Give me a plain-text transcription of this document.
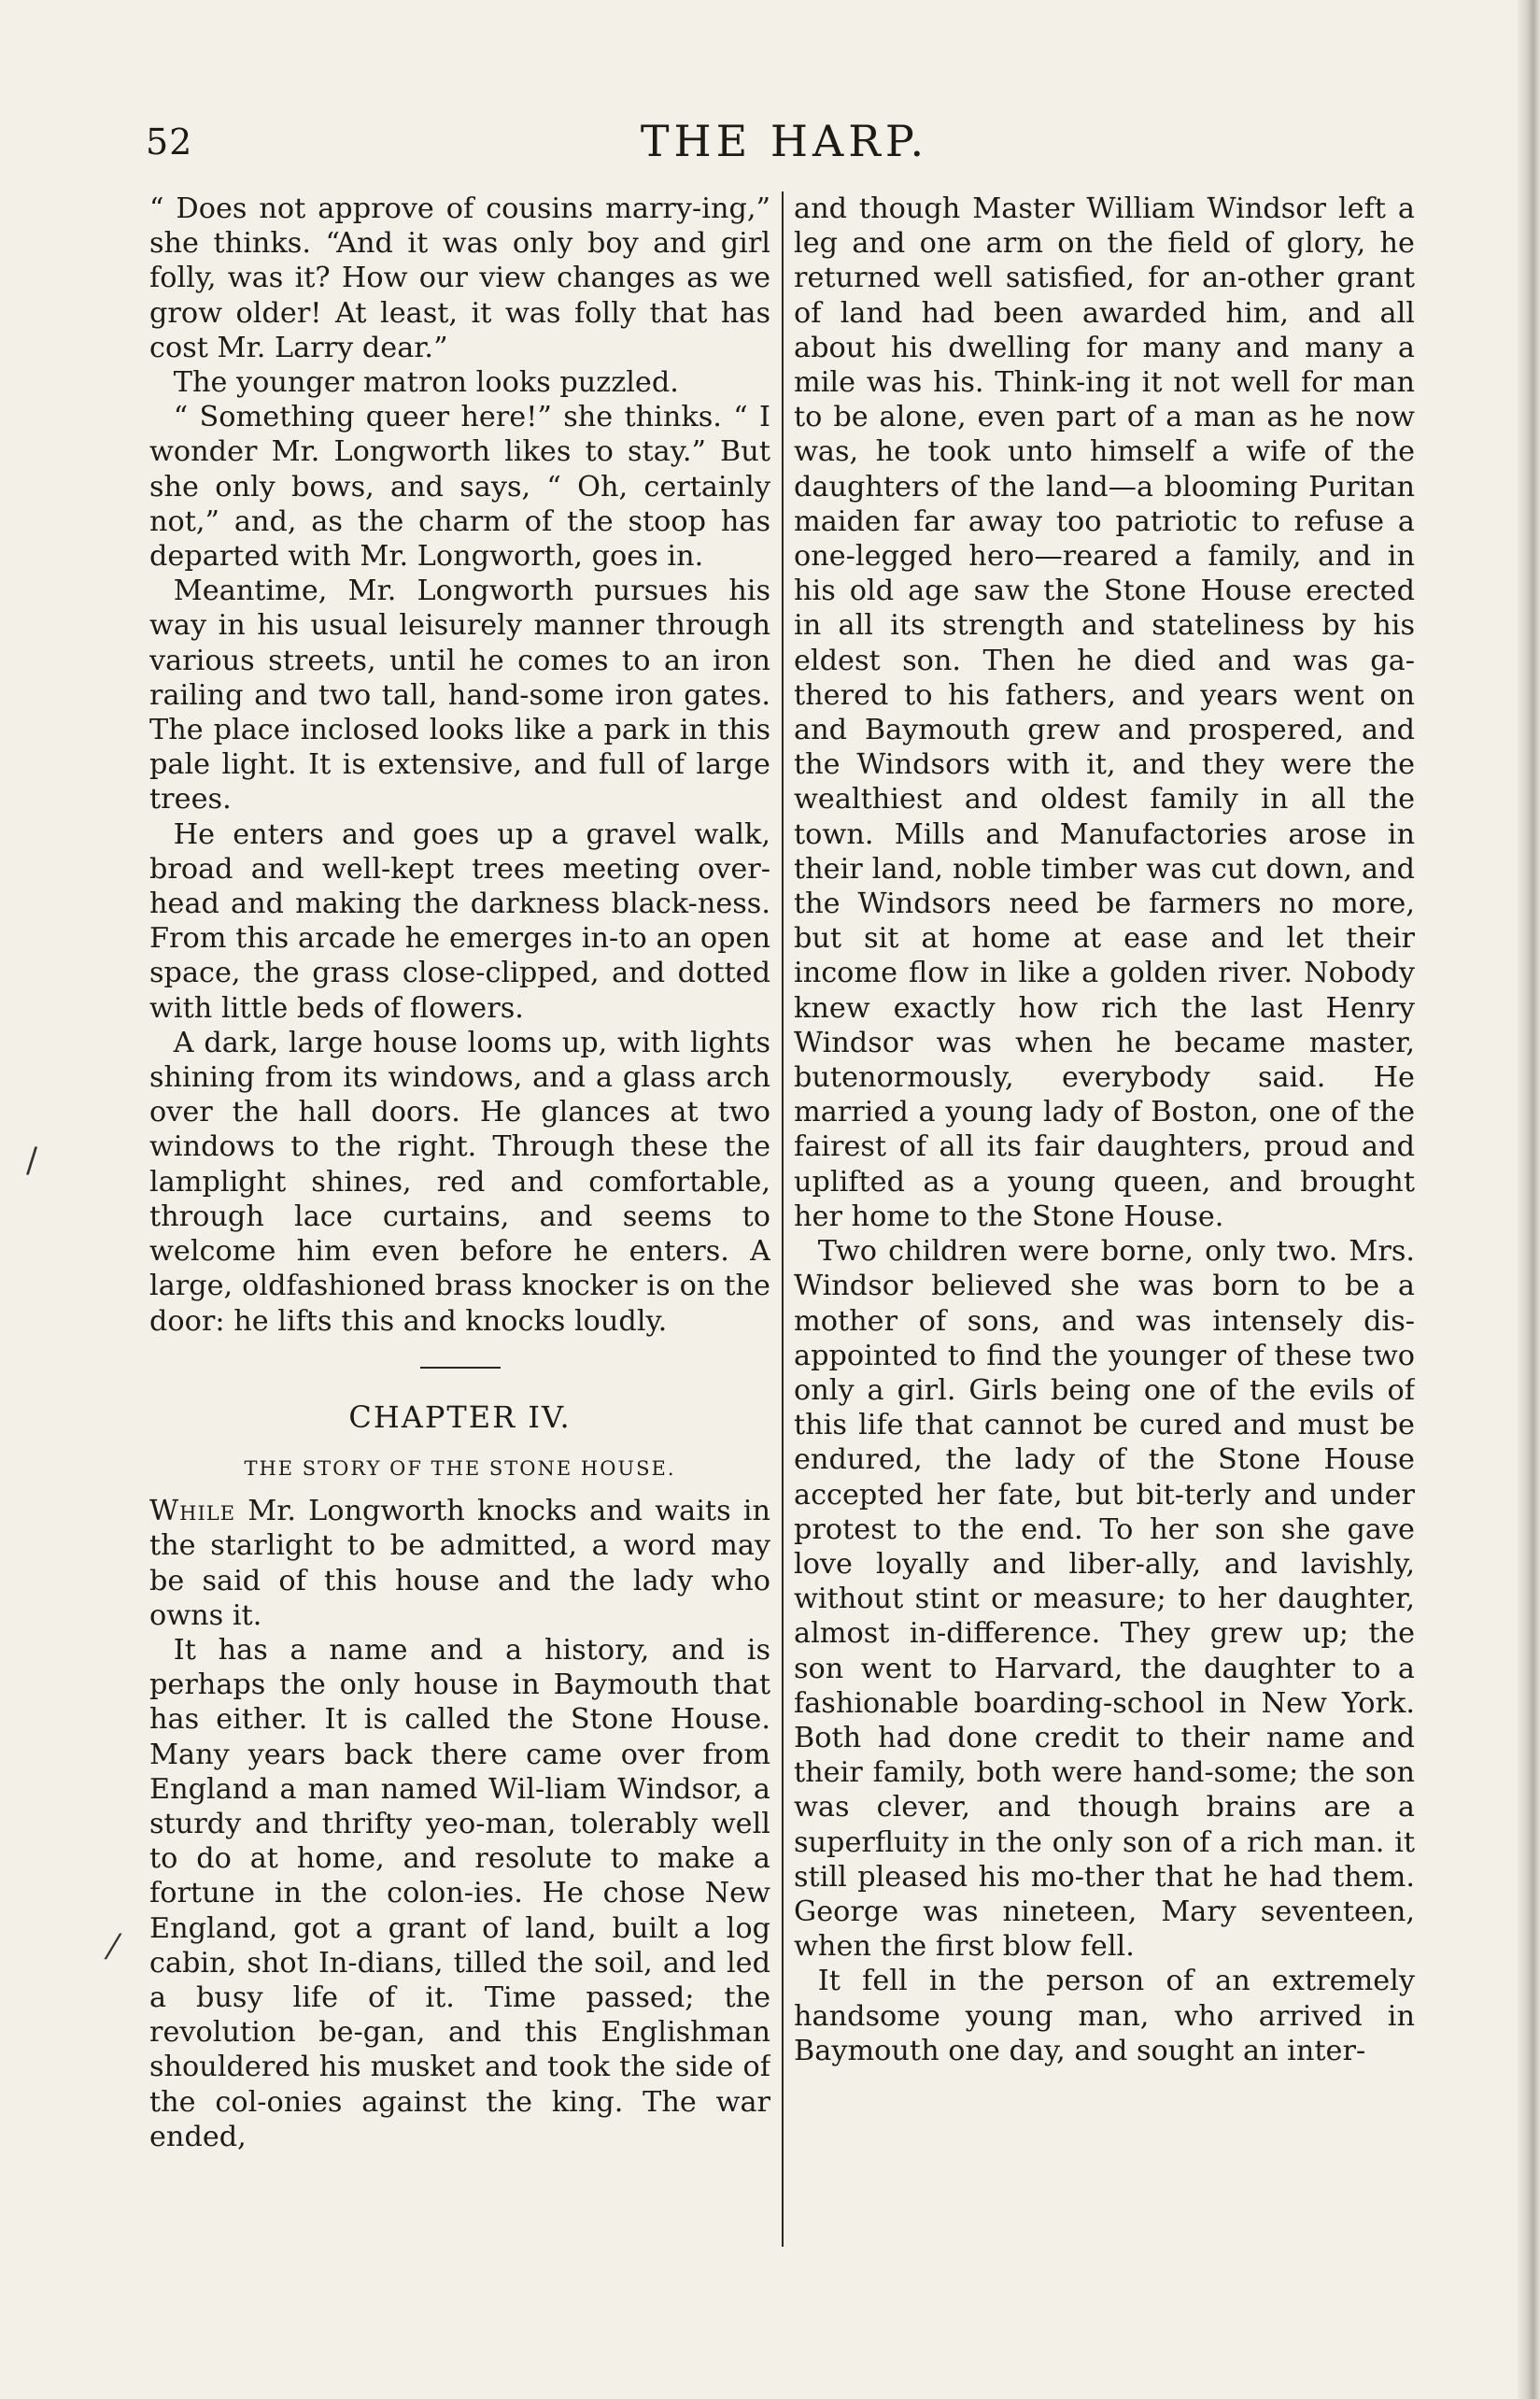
52	THE HARP.

“ Does not approve of cousins marry-ing,” she thinks. “And it was only boy and girl folly, was it? How our view changes as we grow older! At least, it was folly that has cost Mr. Larry dear.”

The younger matron looks puzzled.

“ Something queer here!” she thinks. “ I wonder Mr. Longworth likes to stay.” But she only bows, and says, “ Oh, certainly not,” and, as the charm of the stoop has departed with Mr. Longworth, goes in.

Meantime, Mr. Longworth pursues his way in his usual leisurely manner through various streets, until he comes to an iron railing and two tall, hand-some iron gates. The place inclosed looks like a park in this pale light. It is extensive, and full of large trees.

He enters and goes up a gravel walk, broad and well-kept trees meeting over-head and making the darkness black-ness. From this arcade he emerges in-to an open space, the grass close-clipped, and dotted with little beds of flowers.

A dark, large house looms up, with lights shining from its windows, and a glass arch over the hall doors. He glances at two windows to the right. Through these the lamplight shines, red and comfortable, through lace curtains, and seems to welcome him even before he enters. A large, oldfashioned brass knocker is on the door: he lifts this and knocks loudly.

CHAPTER IV.
THE STORY OF THE STONE HOUSE.

While Mr. Longworth knocks and waits in the starlight to be admitted, a word may be said of this house and the lady who owns it.

It has a name and a history, and is perhaps the only house in Baymouth that has either. It is called the Stone House. Many years back there came over from England a man named Wil-liam Windsor, a sturdy and thrifty yeo-man, tolerably well to do at home, and resolute to make a fortune in the colon-ies. He chose New England, got a grant of land, built a log cabin, shot In-dians, tilled the soil, and led a busy life of it. Time passed; the revolution be-gan, and this Englishman shouldered his musket and took the side of the col-onies against the king. The war ended,

and though Master William Windsor left a leg and one arm on the field of glory, he returned well satisfied, for an-other grant of land had been awarded him, and all about his dwelling for many and many a mile was his. Think-ing it not well for man to be alone, even part of a man as he now was, he took unto himself a wife of the daughters of the land—a blooming Puritan maiden far away too patriotic to refuse a one-legged hero—reared a family, and in his old age saw the Stone House erected in all its strength and stateliness by his eldest son. Then he died and was ga-thered to his fathers, and years went on and Baymouth grew and prospered, and the Windsors with it, and they were the wealthiest and oldest family in all the town. Mills and Manufactories arose in their land, noble timber was cut down, and the Windsors need be farmers no more, but sit at home at ease and let their income flow in like a golden river. Nobody knew exactly how rich the last Henry Windsor was when he became master, butenormously, everybody said. He married a young lady of Boston, one of the fairest of all its fair daughters, proud and uplifted as a young queen, and brought her home to the Stone House.

Two children were borne, only two. Mrs. Windsor believed she was born to be a mother of sons, and was intensely dis-appointed to find the younger of these two only a girl. Girls being one of the evils of this life that cannot be cured and must be endured, the lady of the Stone House accepted her fate, but bit-terly and under protest to the end. To her son she gave love loyally and liber-ally, and lavishly, without stint or measure; to her daughter, almost in-difference. They grew up; the son went to Harvard, the daughter to a fashionable boarding-school in New York. Both had done credit to their name and their family, both were hand-some; the son was clever, and though brains are a superfluity in the only son of a rich man. it still pleased his mo-ther that he had them. George was nineteen, Mary seventeen, when the first blow fell.

It fell in the person of an extremely handsome young man, who arrived in Baymouth one day, and sought an inter-

/
⁄
